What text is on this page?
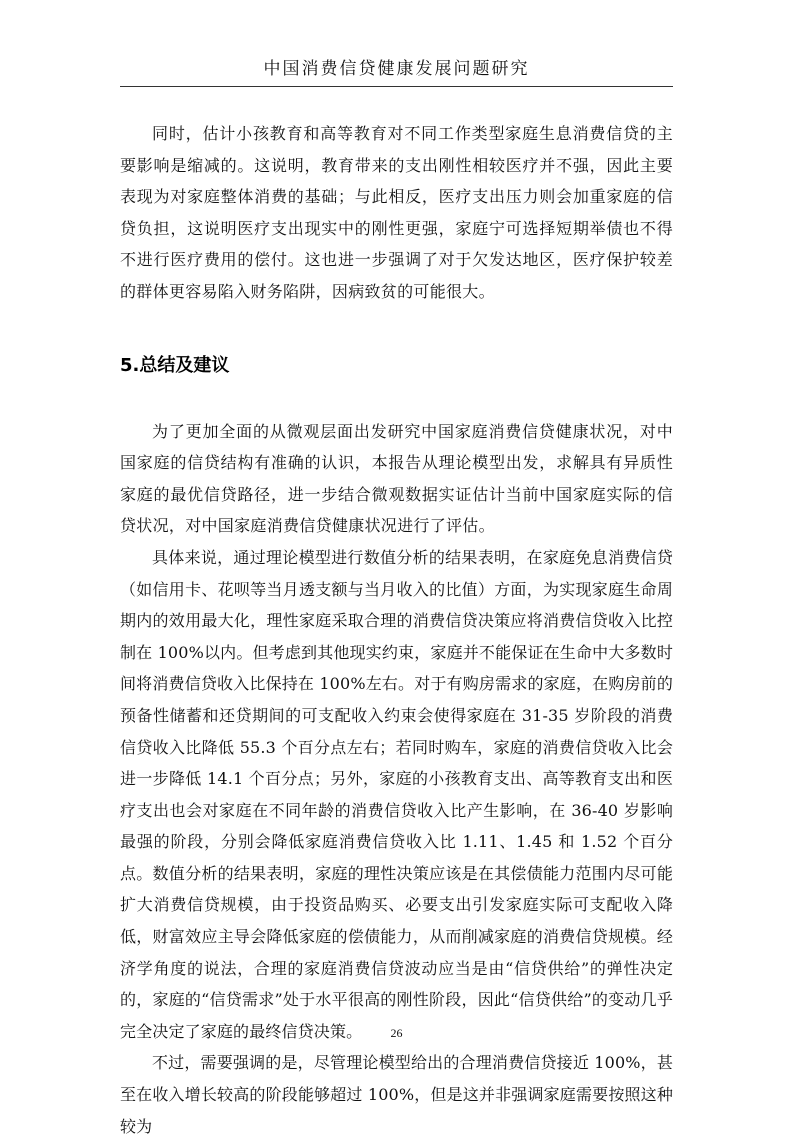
中国消费信贷健康发展问题研究

同时，估计小孩教育和高等教育对不同工作类型家庭生息消费信贷的主要影响是缩减的。这说明，教育带来的支出刚性相较医疗并不强，因此主要表现为对家庭整体消费的基础；与此相反，医疗支出压力则会加重家庭的信贷负担，这说明医疗支出现实中的刚性更强，家庭宁可选择短期举债也不得不进行医疗费用的偿付。这也进一步强调了对于欠发达地区，医疗保护较差的群体更容易陷入财务陷阱，因病致贫的可能很大。

5.总结及建议

为了更加全面的从微观层面出发研究中国家庭消费信贷健康状况，对中国家庭的信贷结构有准确的认识，本报告从理论模型出发，求解具有异质性家庭的最优信贷路径，进一步结合微观数据实证估计当前中国家庭实际的信贷状况，对中国家庭消费信贷健康状况进行了评估。

具体来说，通过理论模型进行数值分析的结果表明，在家庭免息消费信贷（如信用卡、花呗等当月透支额与当月收入的比值）方面，为实现家庭生命周期内的效用最大化，理性家庭采取合理的消费信贷决策应将消费信贷收入比控制在 100%以内。但考虑到其他现实约束，家庭并不能保证在生命中大多数时间将消费信贷收入比保持在 100%左右。对于有购房需求的家庭，在购房前的预备性储蓄和还贷期间的可支配收入约束会使得家庭在 31-35 岁阶段的消费信贷收入比降低 55.3 个百分点左右；若同时购车，家庭的消费信贷收入比会进一步降低 14.1 个百分点；另外，家庭的小孩教育支出、高等教育支出和医疗支出也会对家庭在不同年龄的消费信贷收入比产生影响，在 36-40 岁影响最强的阶段，分别会降低家庭消费信贷收入比 1.11、1.45 和 1.52 个百分点。数值分析的结果表明，家庭的理性决策应该是在其偿债能力范围内尽可能扩大消费信贷规模，由于投资品购买、必要支出引发家庭实际可支配收入降低，财富效应主导会降低家庭的偿债能力，从而削减家庭的消费信贷规模。经济学角度的说法，合理的家庭消费信贷波动应当是由“信贷供给”的弹性决定的，家庭的“信贷需求”处于水平很高的刚性阶段，因此“信贷供给”的变动几乎完全决定了家庭的最终信贷决策。

不过，需要强调的是，尽管理论模型给出的合理消费信贷接近 100%，甚至在收入增长较高的阶段能够超过 100%，但是这并非强调家庭需要按照这种较为

26
